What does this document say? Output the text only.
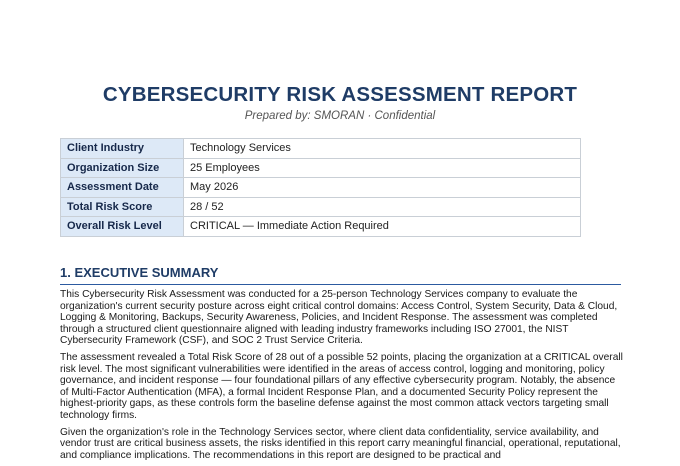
CYBERSECURITY RISK ASSESSMENT REPORT
Prepared by: SMORAN · Confidential
Client Industry	Technology Services
Organization Size	25 Employees
Assessment Date	May 2026
Total Risk Score	28 / 52
Overall Risk Level	CRITICAL — Immediate Action Required
1. EXECUTIVE SUMMARY

This Cybersecurity Risk Assessment was conducted for a 25-person Technology Services company to evaluate the organization's current security posture across eight critical control domains: Access Control, System Security, Data & Cloud, Logging & Monitoring, Backups, Security Awareness, Policies, and Incident Response. The assessment was completed through a structured client questionnaire aligned with leading industry frameworks including ISO 27001, the NIST Cybersecurity Framework (CSF), and SOC 2 Trust Service Criteria.

The assessment revealed a Total Risk Score of 28 out of a possible 52 points, placing the organization at a CRITICAL overall risk level. The most significant vulnerabilities were identified in the areas of access control, logging and monitoring, policy governance, and incident response — four foundational pillars of any effective cybersecurity program. Notably, the absence of Multi-Factor Authentication (MFA), a formal Incident Response Plan, and a documented Security Policy represent the highest-priority gaps, as these controls form the baseline defense against the most common attack vectors targeting small technology firms.

Given the organization's role in the Technology Services sector, where client data confidentiality, service availability, and vendor trust are critical business assets, the risks identified in this report carry meaningful financial, operational, reputational, and compliance implications. The recommendations in this report are designed to be practical and
